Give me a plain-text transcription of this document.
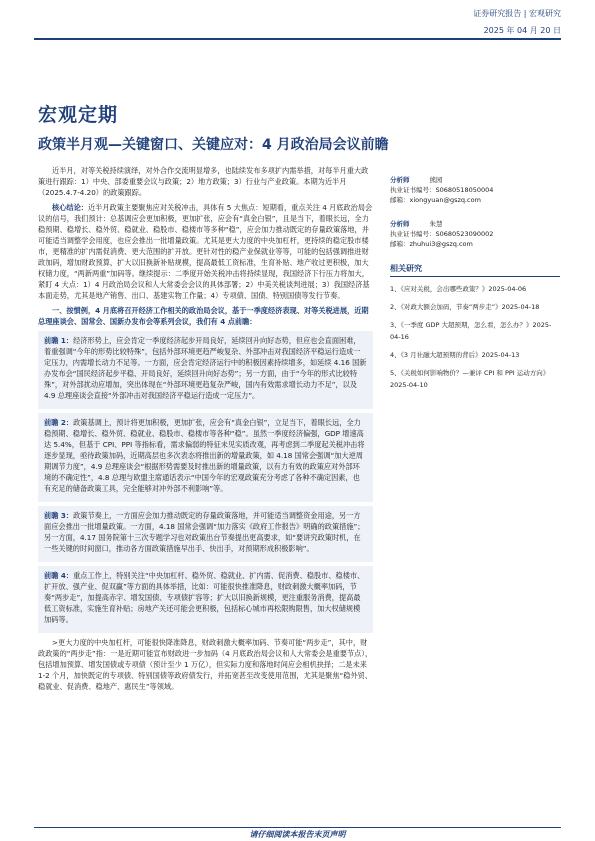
证券研究报告 | 宏观研究
2025 年 04 月 20 日
宏观定期
政策半月观—关键窗口、关键应对：4 月政治局会议前瞻

近半月，对等关税持续演绎，对外合作交流明显增多，也陆续发布多项扩内需举措，对每半月重大政策进行跟踪：1）中央、部委重要会议与政策；2）地方政策；3）行业与产业政策。本期为近半月（2025.4.7-4.20）的政策跟踪。

核心结论：近半月政策主要聚焦应对关税冲击，具体有 5 大焦点：短期看，重点关注 4 月底政治局会议的信号，我们预计：总基调应会更加积极，更加扩张，应会有“真金白银”，且是当下，着眼长远，全力稳预期、稳增长、稳外贸、稳就业、稳股市、稳楼市等多种“稳”，应会加力推动既定的存量政策落地，并可能适当调整学会用度，也应会推出一批增量政策。尤其是更大力度的中央加杠杆，更持续的稳定股市楼市，更精准的扩内需促消费、更大范围的扩开放。更针对性的稳产业保就业等等，可能的包括强调推进财政加码，增加财政预算，扩大以旧换新补贴规模，提高最低工资标准，生育补贴、地产收过更积极，加大权储力度，“两新两重”加码等。继续提示：二季度开始关税冲击将持续显现，我国经济下行压力将加大，紧盯 4 大点：1）4 月政治局会议和人大常委会会议的具体部署；2）中美关税谈判进展；3）我国经济基本面走势，尤其是地产销售、出口、基建实物工作量；4）专项债、国债、特别国债等发行节奏。

一、按惯例，4 月底将召开经济工作相关的政治局会议，基于一季度经济表现、对等关税进展，近期总理座谈会、国常会、国新办发布会等系列会议，我们有 4 点前瞻：

前瞻 1：经济形势上，应会肯定一季度经济起步开局良好，延续回升向好态势，但应也会直面困难，着重强调“今年的形势比较特殊”，包括外部环境更趋严峻复杂、外部冲击对我国经济平稳运行造成一定压力，内需增长动力不足等。一方面，应会肯定经济运行中的积极因素持续增多，如延续 4.16 国新办发布会“国民经济起步平稳、开局良好，延续回升向好态势”；另一方面，由于“今年的形式比较特殊”，对外部扰动应增加，突出体现在“外部环境更趋复杂严峻，国内有效需求增长动力不足”，以及 4.9 总理座谈会直接“外部冲击对我国经济平稳运行造成一定压力”。

前瞻 2：政策基调上，预计将更加积极，更加扩张，应会有“真金白银”，立足当下，着眼长远，全力稳预期、稳增长、稳外贸、稳就业、稳股市、稳楼市等各种“稳”。虽然一季度经济偏强，GDP 增速高达 5.4%，但基于 CPI、PPI 等指标看，需求偏弱的特征未见实质改观，再考虑到二季度起关税冲击将逐步显现，亟待政策加码，近期高层也多次表态将推出新的增量政策，如 4.18 国常会强调“加大逆周期调节力度”，4.9 总理座谈会“根据形势需要及时推出新的增量政策，以有力有效的政策应对外部环境的不确定性”，4.8 总理与欧盟主席通话表示“中国今年的宏观政策充分考虑了各种不确定因素，也有充足的储备政策工具，完全能够对冲外部不利影响”等。

前瞻 3：政策节奏上，一方面应会加力推动既定的存量政策落地，并可能适当调整资金用途，另一方面应会推出一批增量政策。一方面，4.18 国常会强调“加力落实《政府工作报告》明确的政策措施”；另一方面，4.17 国务院第十三次专题学习也对政策出台节奏提出更高要求，如“要讲究政策时机，在一些关键的时间窗口，推动各方面政策措施早出手、快出手，对预期形成积极影响”。

前瞻 4：重点工作上，特别关注“中央加杠杆、稳外贸、稳就业、扩内需、促消费、稳股市、稳楼市、扩开放、强产业、促双赢”等方面的具体举措，比如：可能很快推准降息，财政刺激大概率加码，节奏“两步走”，加提高赤字、增发国债、专项债扩容等；扩大以旧换新规模，更注重服务消费，提高最低工资标准，实施生育补贴；房地产关还可能会更积极，包括标心城市再松限购限售，加大权储规模加码等。

>更大力度的中央加杠杆，可能很快降准降息，财政刺激大概率加码、节奏可能“两步走”，其中，财政政策的“两步走”指：一是近期可能宣布财政进一步加码（4 月底政治局会议和人大常委会是重要节点），包括增加预算、增发国债或专项债（预计至少 1 万亿），但实际力度和落地时间应会相机抉择；二是未来 1-2 个月，加快既定的专项债、特别国债等政府债发行，并拓宽甚至改变使用范围，尤其是聚焦“稳外贸、稳就业、促消费、稳地产、惠民生”等领域。

分析师	熊园
执业证书编号：S0680518050004
邮箱：xiongyuan@gszq.com
分析师	朱慧
执业证书编号：S0680523090002
邮箱：zhuhui3@gszq.com
相关研究
1、《应对关税，会出哪些政策？》2025-04-06
2、《对政大额会加码，节奏“两步走”》2025-04-18
3、《一季度 GDP 大超预期，怎么看，怎么办？》2025-04-16
4、《3 月社融大超预期的背后》2025-04-13
5、《关税如何影响物价？—兼评 CPI 和 PPI 运动方向》2025-04-10
请仔细阅读本报告末页声明
